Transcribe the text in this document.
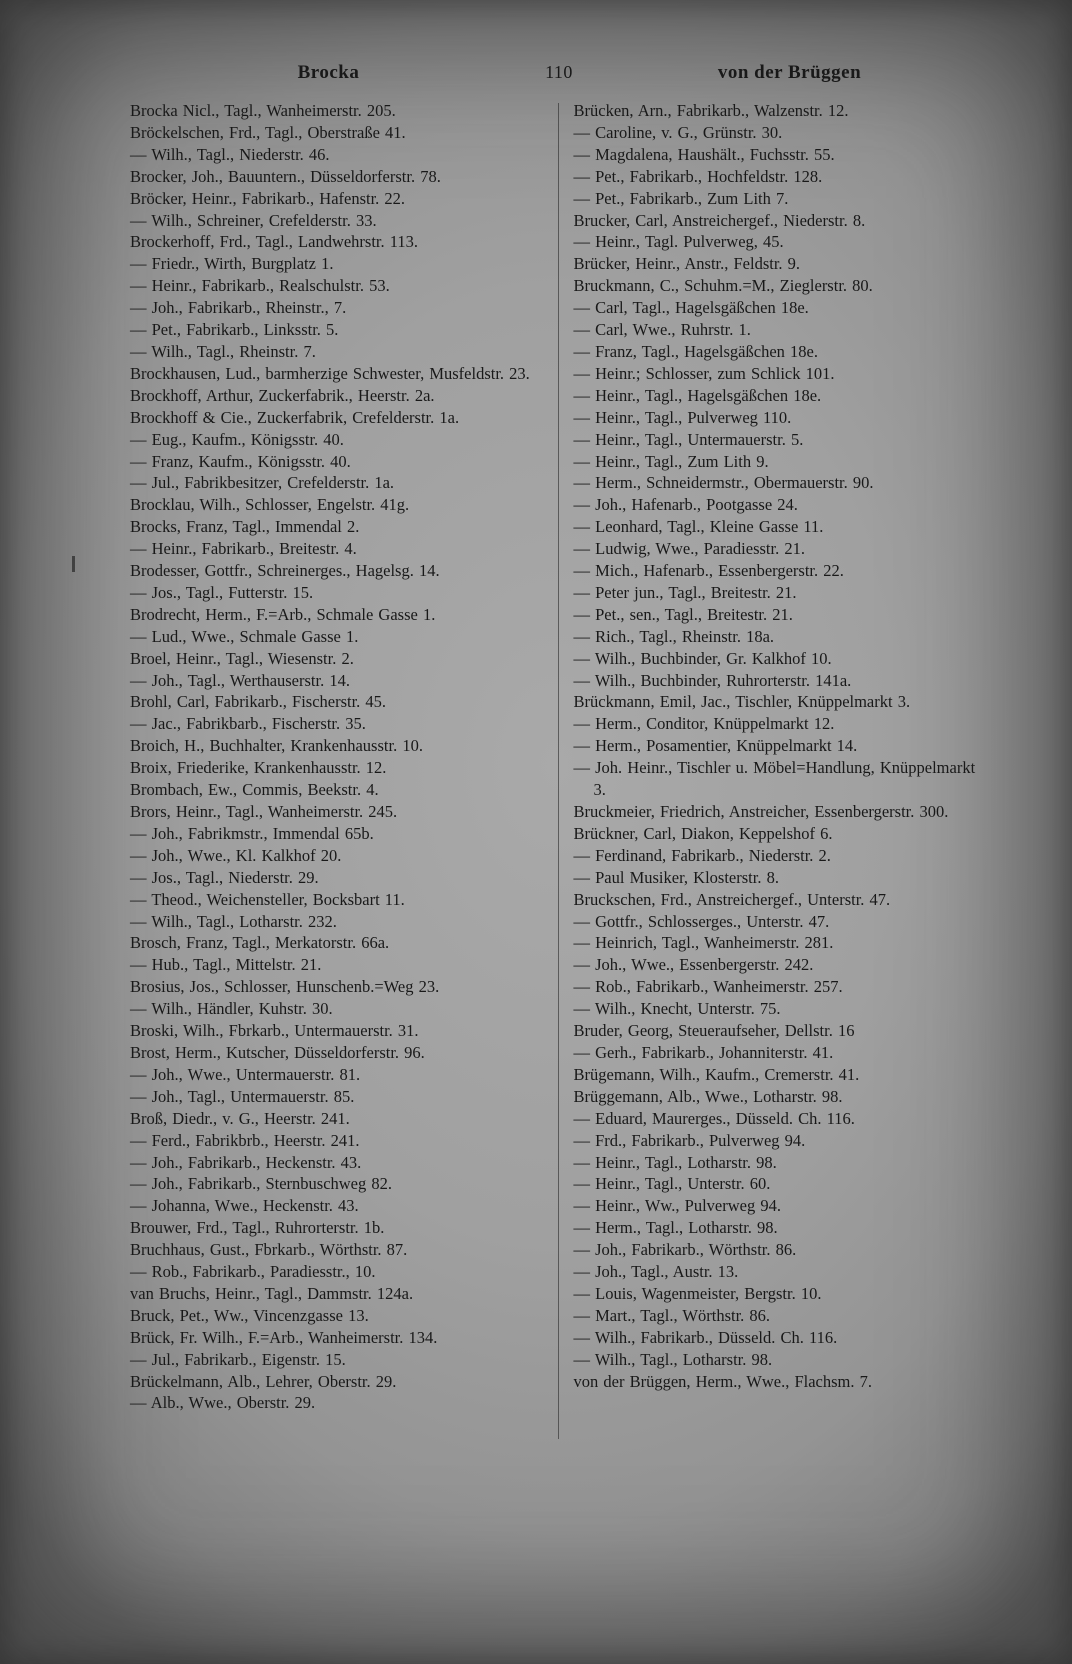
Brocka	110	von der Brüggen

Brocka Nicl., Tagl., Wanheimerstr. 205.

Bröckelschen, Frd., Tagl., Oberstraße 41.

— Wilh., Tagl., Niederstr. 46.

Brocker, Joh., Bauuntern., Düsseldorferstr. 78.

Bröcker, Heinr., Fabrikarb., Hafenstr. 22.

— Wilh., Schreiner, Crefelderstr. 33.

Brockerhoff, Frd., Tagl., Landwehrstr. 113.

— Friedr., Wirth, Burgplatz 1.

— Heinr., Fabrikarb., Realschulstr. 53.

— Joh., Fabrikarb., Rheinstr., 7.

— Pet., Fabrikarb., Linksstr. 5.

— Wilh., Tagl., Rheinstr. 7.

Brockhausen, Lud., barmherzige Schwester, Musfeldstr. 23.

Brockhoff, Arthur, Zuckerfabrik., Heerstr. 2a.

Brockhoff & Cie., Zuckerfabrik, Crefelderstr. 1a.

— Eug., Kaufm., Königsstr. 40.

— Franz, Kaufm., Königsstr. 40.

— Jul., Fabrikbesitzer, Crefelderstr. 1a.

Brocklau, Wilh., Schlosser, Engelstr. 41g.

Brocks, Franz, Tagl., Immendal 2.

— Heinr., Fabrikarb., Breitestr. 4.

Brodesser, Gottfr., Schreinerges., Hagelsg. 14.

— Jos., Tagl., Futterstr. 15.

Brodrecht, Herm., F.=Arb., Schmale Gasse 1.

— Lud., Wwe., Schmale Gasse 1.

Broel, Heinr., Tagl., Wiesenstr. 2.

— Joh., Tagl., Werthauserstr. 14.

Brohl, Carl, Fabrikarb., Fischerstr. 45.

— Jac., Fabrikbarb., Fischerstr. 35.

Broich, H., Buchhalter, Krankenhausstr. 10.

Broix, Friederike, Krankenhausstr. 12.

Brombach, Ew., Commis, Beekstr. 4.

Brors, Heinr., Tagl., Wanheimerstr. 245.

— Joh., Fabrikmstr., Immendal 65b.

— Joh., Wwe., Kl. Kalkhof 20.

— Jos., Tagl., Niederstr. 29.

— Theod., Weichensteller, Bocksbart 11.

— Wilh., Tagl., Lotharstr. 232.

Brosch, Franz, Tagl., Merkatorstr. 66a.

— Hub., Tagl., Mittelstr. 21.

Brosius, Jos., Schlosser, Hunschenb.=Weg 23.

— Wilh., Händler, Kuhstr. 30.

Broski, Wilh., Fbrkarb., Untermauerstr. 31.

Brost, Herm., Kutscher, Düsseldorferstr. 96.

— Joh., Wwe., Untermauerstr. 81.

— Joh., Tagl., Untermauerstr. 85.

Broß, Diedr., v. G., Heerstr. 241.

— Ferd., Fabrikbrb., Heerstr. 241.

— Joh., Fabrikarb., Heckenstr. 43.

— Joh., Fabrikarb., Sternbuschweg 82.

— Johanna, Wwe., Heckenstr. 43.

Brouwer, Frd., Tagl., Ruhrorterstr. 1b.

Bruchhaus, Gust., Fbrkarb., Wörthstr. 87.

— Rob., Fabrikarb., Paradiesstr., 10.

van Bruchs, Heinr., Tagl., Dammstr. 124a.

Bruck, Pet., Ww., Vincenzgasse 13.

Brück, Fr. Wilh., F.=Arb., Wanheimerstr. 134.

— Jul., Fabrikarb., Eigenstr. 15.

Brückelmann, Alb., Lehrer, Oberstr. 29.

— Alb., Wwe., Oberstr. 29.

Brücken, Arn., Fabrikarb., Walzenstr. 12.

— Caroline, v. G., Grünstr. 30.

— Magdalena, Haushält., Fuchsstr. 55.

— Pet., Fabrikarb., Hochfeldstr. 128.

— Pet., Fabrikarb., Zum Lith 7.

Brucker, Carl, Anstreichergef., Niederstr. 8.

— Heinr., Tagl. Pulverweg, 45.

Brücker, Heinr., Anstr., Feldstr. 9.

Bruckmann, C., Schuhm.=M., Zieglerstr. 80.

— Carl, Tagl., Hagelsgäßchen 18e.

— Carl, Wwe., Ruhrstr. 1.

— Franz, Tagl., Hagelsgäßchen 18e.

— Heinr.; Schlosser, zum Schlick 101.

— Heinr., Tagl., Hagelsgäßchen 18e.

— Heinr., Tagl., Pulverweg 110.

— Heinr., Tagl., Untermauerstr. 5.

— Heinr., Tagl., Zum Lith 9.

— Herm., Schneidermstr., Obermauerstr. 90.

— Joh., Hafenarb., Pootgasse 24.

— Leonhard, Tagl., Kleine Gasse 11.

— Ludwig, Wwe., Paradiesstr. 21.

— Mich., Hafenarb., Essenbergerstr. 22.

— Peter jun., Tagl., Breitestr. 21.

— Pet., sen., Tagl., Breitestr. 21.

— Rich., Tagl., Rheinstr. 18a.

— Wilh., Buchbinder, Gr. Kalkhof 10.

— Wilh., Buchbinder, Ruhrorterstr. 141a.

Brückmann, Emil, Jac., Tischler, Knüppelmarkt 3.

— Herm., Conditor, Knüppelmarkt 12.

— Herm., Posamentier, Knüppelmarkt 14.

— Joh. Heinr., Tischler u. Möbel=Handlung, Knüppelmarkt 3.

Bruckmeier, Friedrich, Anstreicher, Essenbergerstr. 300.

Brückner, Carl, Diakon, Keppelshof 6.

— Ferdinand, Fabrikarb., Niederstr. 2.

— Paul Musiker, Klosterstr. 8.

Bruckschen, Frd., Anstreichergef., Unterstr. 47.

— Gottfr., Schlosserges., Unterstr. 47.

— Heinrich, Tagl., Wanheimerstr. 281.

— Joh., Wwe., Essenbergerstr. 242.

— Rob., Fabrikarb., Wanheimerstr. 257.

— Wilh., Knecht, Unterstr. 75.

Bruder, Georg, Steueraufseher, Dellstr. 16

— Gerh., Fabrikarb., Johanniterstr. 41.

Brügemann, Wilh., Kaufm., Cremerstr. 41.

Brüggemann, Alb., Wwe., Lotharstr. 98.

— Eduard, Maurerges., Düsseld. Ch. 116.

— Frd., Fabrikarb., Pulverweg 94.

— Heinr., Tagl., Lotharstr. 98.

— Heinr., Tagl., Unterstr. 60.

— Heinr., Ww., Pulverweg 94.

— Herm., Tagl., Lotharstr. 98.

— Joh., Fabrikarb., Wörthstr. 86.

— Joh., Tagl., Austr. 13.

— Louis, Wagenmeister, Bergstr. 10.

— Mart., Tagl., Wörthstr. 86.

— Wilh., Fabrikarb., Düsseld. Ch. 116.

— Wilh., Tagl., Lotharstr. 98.

von der Brüggen, Herm., Wwe., Flachsm. 7.
